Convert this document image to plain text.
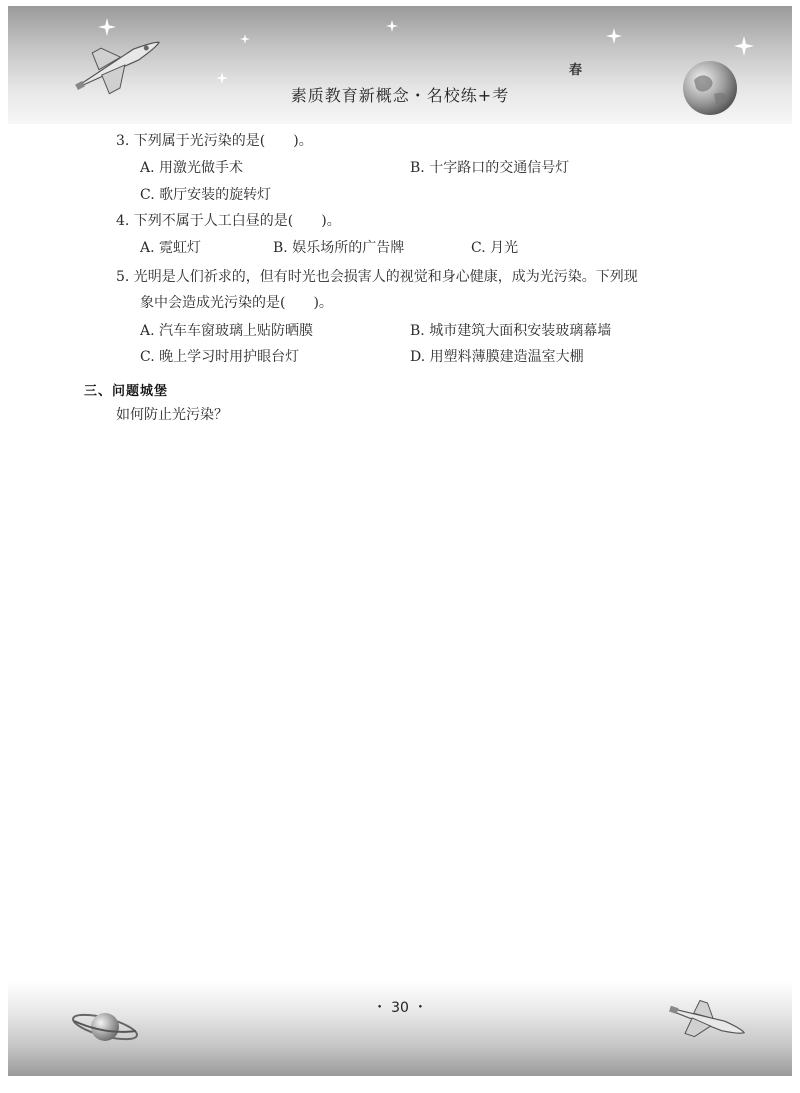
素质教育新概念・名校练+考
春
3. 下列属于光污染的是(　　)。
A. 用激光做手术	B. 十字路口的交通信号灯
C. 歌厅安装的旋转灯
4. 下列不属于人工白昼的是(　　)。
A. 霓虹灯	B. 娱乐场所的广告牌	C. 月光
5. 光明是人们祈求的，但有时光也会损害人的视觉和身心健康，成为光污染。下列现
象中会造成光污染的是(　　)。
A. 汽车车窗玻璃上贴防晒膜	B. 城市建筑大面积安装玻璃幕墙
C. 晚上学习时用护眼台灯	D. 用塑料薄膜建造温室大棚
三、问题城堡
如何防止光污染？
・ 30 ・
